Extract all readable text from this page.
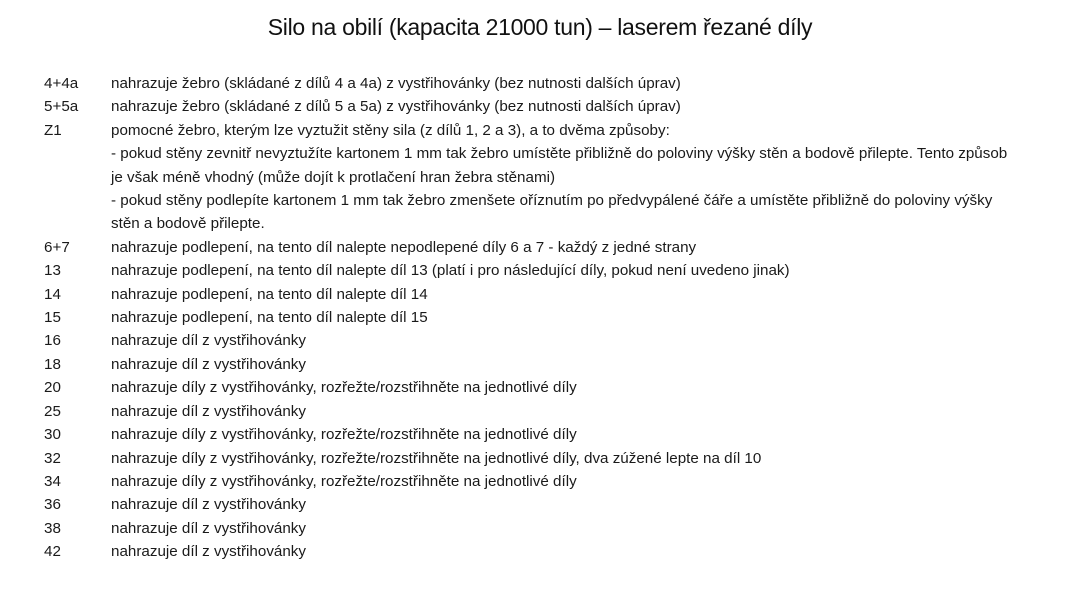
Silo na obilí (kapacita 21000 tun) – laserem řezané díly
4+4a	nahrazuje žebro (skládané z dílů 4 a 4a) z vystřihovánky (bez nutnosti dalších úprav)
5+5a	nahrazuje žebro (skládané z dílů 5 a 5a) z vystřihovánky (bez nutnosti dalších úprav)
Z1	pomocné žebro, kterým lze vyztužit stěny sila (z dílů 1, 2 a 3), a to dvěma způsoby:
- pokud stěny zevnitř nevyztužíte kartonem 1 mm tak žebro umístěte přibližně do poloviny výšky stěn a bodově přilepte. Tento způsob
je však méně vhodný (může dojít k protlačení hran žebra stěnami)
- pokud stěny podlepíte kartonem 1 mm tak žebro zmenšete oříznutím po předvypálené čáře a umístěte přibližně do poloviny výšky
stěn a bodově přilepte.
6+7	nahrazuje podlepení, na tento díl nalepte nepodlepené díly 6 a 7 - každý z jedné strany
13	nahrazuje podlepení, na tento díl nalepte díl 13 (platí i pro následující díly, pokud není uvedeno jinak)
14	nahrazuje podlepení, na tento díl nalepte díl 14
15	nahrazuje podlepení, na tento díl nalepte díl 15
16	nahrazuje díl z vystřihovánky
18	nahrazuje díl z vystřihovánky
20	nahrazuje díly z vystřihovánky, rozřežte/rozstřihněte na jednotlivé díly
25	nahrazuje díl z vystřihovánky
30	nahrazuje díly z vystřihovánky, rozřežte/rozstřihněte na jednotlivé díly
32	nahrazuje díly z vystřihovánky, rozřežte/rozstřihněte na jednotlivé díly, dva zúžené lepte na díl 10
34	nahrazuje díly z vystřihovánky, rozřežte/rozstřihněte na jednotlivé díly
36	nahrazuje díl z vystřihovánky
38	nahrazuje díl z vystřihovánky
42	nahrazuje díl z vystřihovánky
